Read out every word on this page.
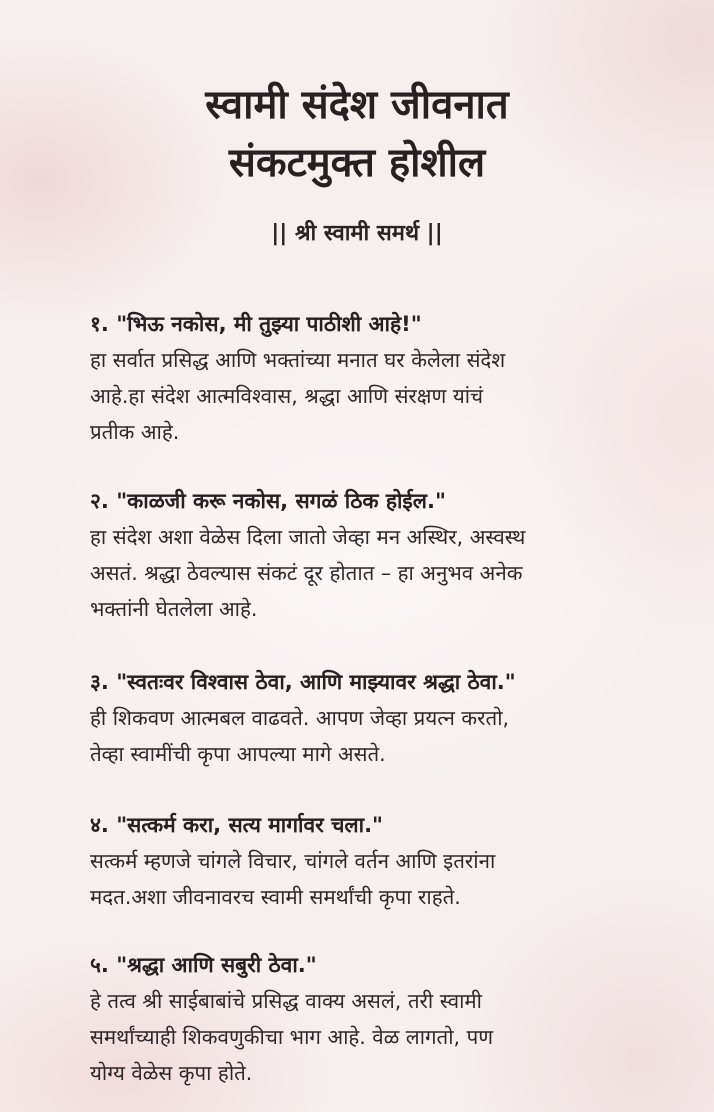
स्वामी संदेश जीवनात
संकटमुक्त होशील
|| श्री स्वामी समर्थ ||
१. "भिऊ नकोस, मी तुझ्या पाठीशी आहे!"
हा सर्वात प्रसिद्ध आणि भक्तांच्या मनात घर केलेला संदेश
आहे.हा संदेश आत्मविश्वास, श्रद्धा आणि संरक्षण यांचं
प्रतीक आहे.
२. "काळजी करू नकोस, सगळं ठिक होईल."
हा संदेश अशा वेळेस दिला जातो जेव्हा मन अस्थिर, अस्वस्थ
असतं. श्रद्धा ठेवल्यास संकटं दूर होतात – हा अनुभव अनेक
भक्तांनी घेतलेला आहे.
३. "स्वतःवर विश्वास ठेवा, आणि माझ्यावर श्रद्धा ठेवा."
ही शिकवण आत्मबल वाढवते. आपण जेव्हा प्रयत्न करतो,
तेव्हा स्वामींची कृपा आपल्या मागे असते.
४. "सत्कर्म करा, सत्य मार्गावर चला."
सत्कर्म म्हणजे चांगले विचार, चांगले वर्तन आणि इतरांना
मदत.अशा जीवनावरच स्वामी समर्थांची कृपा राहते.
५. "श्रद्धा आणि सबुरी ठेवा."
हे तत्व श्री साईबाबांचे प्रसिद्ध वाक्य असलं, तरी स्वामी
समर्थांच्याही शिकवणुकीचा भाग आहे. वेळ लागतो, पण
योग्य वेळेस कृपा होते.
